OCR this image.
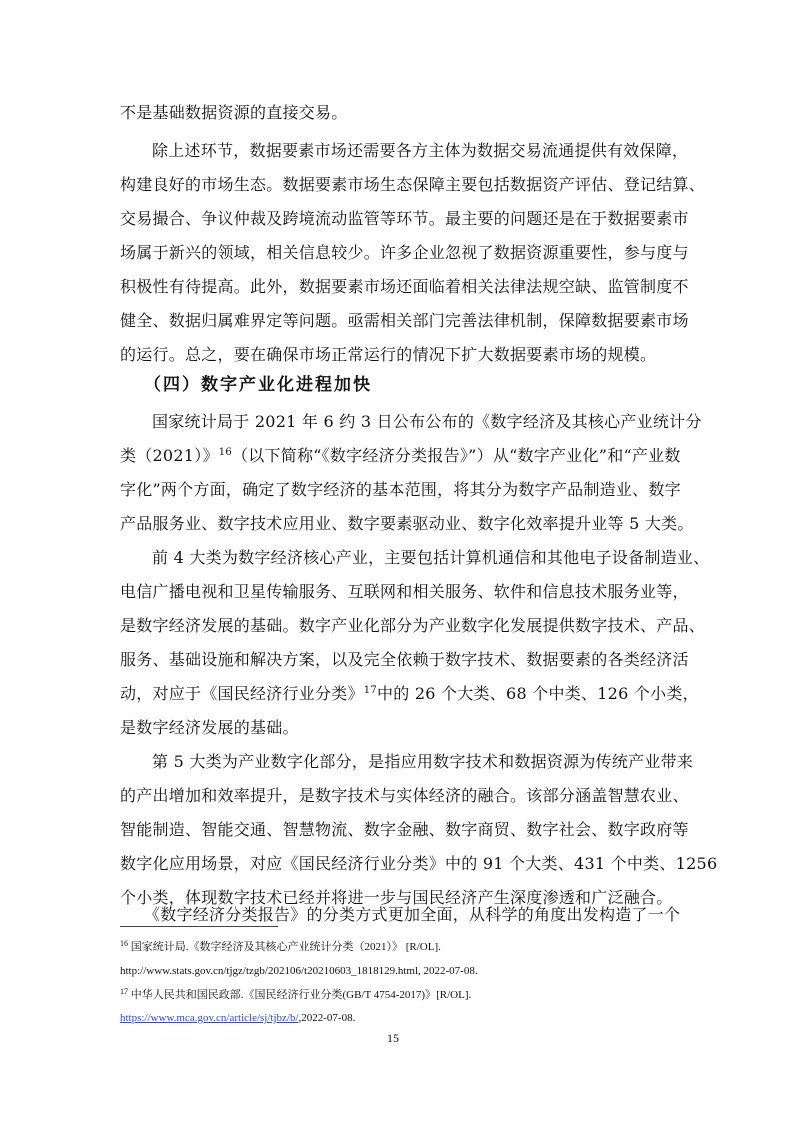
不是基础数据资源的直接交易。
除上述环节，数据要素市场还需要各方主体为数据交易流通提供有效保障，
构建良好的市场生态。数据要素市场生态保障主要包括数据资产评估、登记结算、
交易撮合、争议仲裁及跨境流动监管等环节。最主要的问题还是在于数据要素市
场属于新兴的领域，相关信息较少。许多企业忽视了数据资源重要性，参与度与
积极性有待提高。此外，数据要素市场还面临着相关法律法规空缺、监管制度不
健全、数据归属难界定等问题。亟需相关部门完善法律机制，保障数据要素市场
的运行。总之，要在确保市场正常运行的情况下扩大数据要素市场的规模。
（四）数字产业化进程加快
国家统计局于 2021 年 6 约 3 日公布公布的《数字经济及其核心产业统计分
类（2021）》$^{16}$（以下简称“《数字经济分类报告》”）从“数字产业化”和“产业数
字化”两个方面，确定了数字经济的基本范围，将其分为数字产品制造业、数字
产品服务业、数字技术应用业、数字要素驱动业、数字化效率提升业等 5 大类。
前 4 大类为数字经济核心产业，主要包括计算机通信和其他电子设备制造业、
电信广播电视和卫星传输服务、互联网和相关服务、软件和信息技术服务业等，
是数字经济发展的基础。数字产业化部分为产业数字化发展提供数字技术、产品、
服务、基础设施和解决方案，以及完全依赖于数字技术、数据要素的各类经济活
动，对应于《国民经济行业分类》$^{17}$中的 26 个大类、68 个中类、126 个小类，
是数字经济发展的基础。
第 5 大类为产业数字化部分，是指应用数字技术和数据资源为传统产业带来
的产出增加和效率提升，是数字技术与实体经济的融合。该部分涵盖智慧农业、
智能制造、智能交通、智慧物流、数字金融、数字商贸、数字社会、数字政府等
数字化应用场景，对应《国民经济行业分类》中的 91 个大类、431 个中类、1256
个小类，体现数字技术已经并将进一步与国民经济产生深度渗透和广泛融合。
$^{16}$ 国家统计局.《数字经济及其核心产业统计分类（2021）》 [R/OL].
http://www.stats.gov.cn/tjgz/tzgb/202106/t20210603_1818129.html, 2022-07-08.
$^{17}$ 中华人民共和国民政部.《国民经济行业分类(GB/T 4754-2017)》[R/OL].
https://www.mca.gov.cn/article/sj/tjbz/b/,2022-07-08.
15
《数字经济分类报告》的分类方式更加全面，从科学的角度出发构造了一个
